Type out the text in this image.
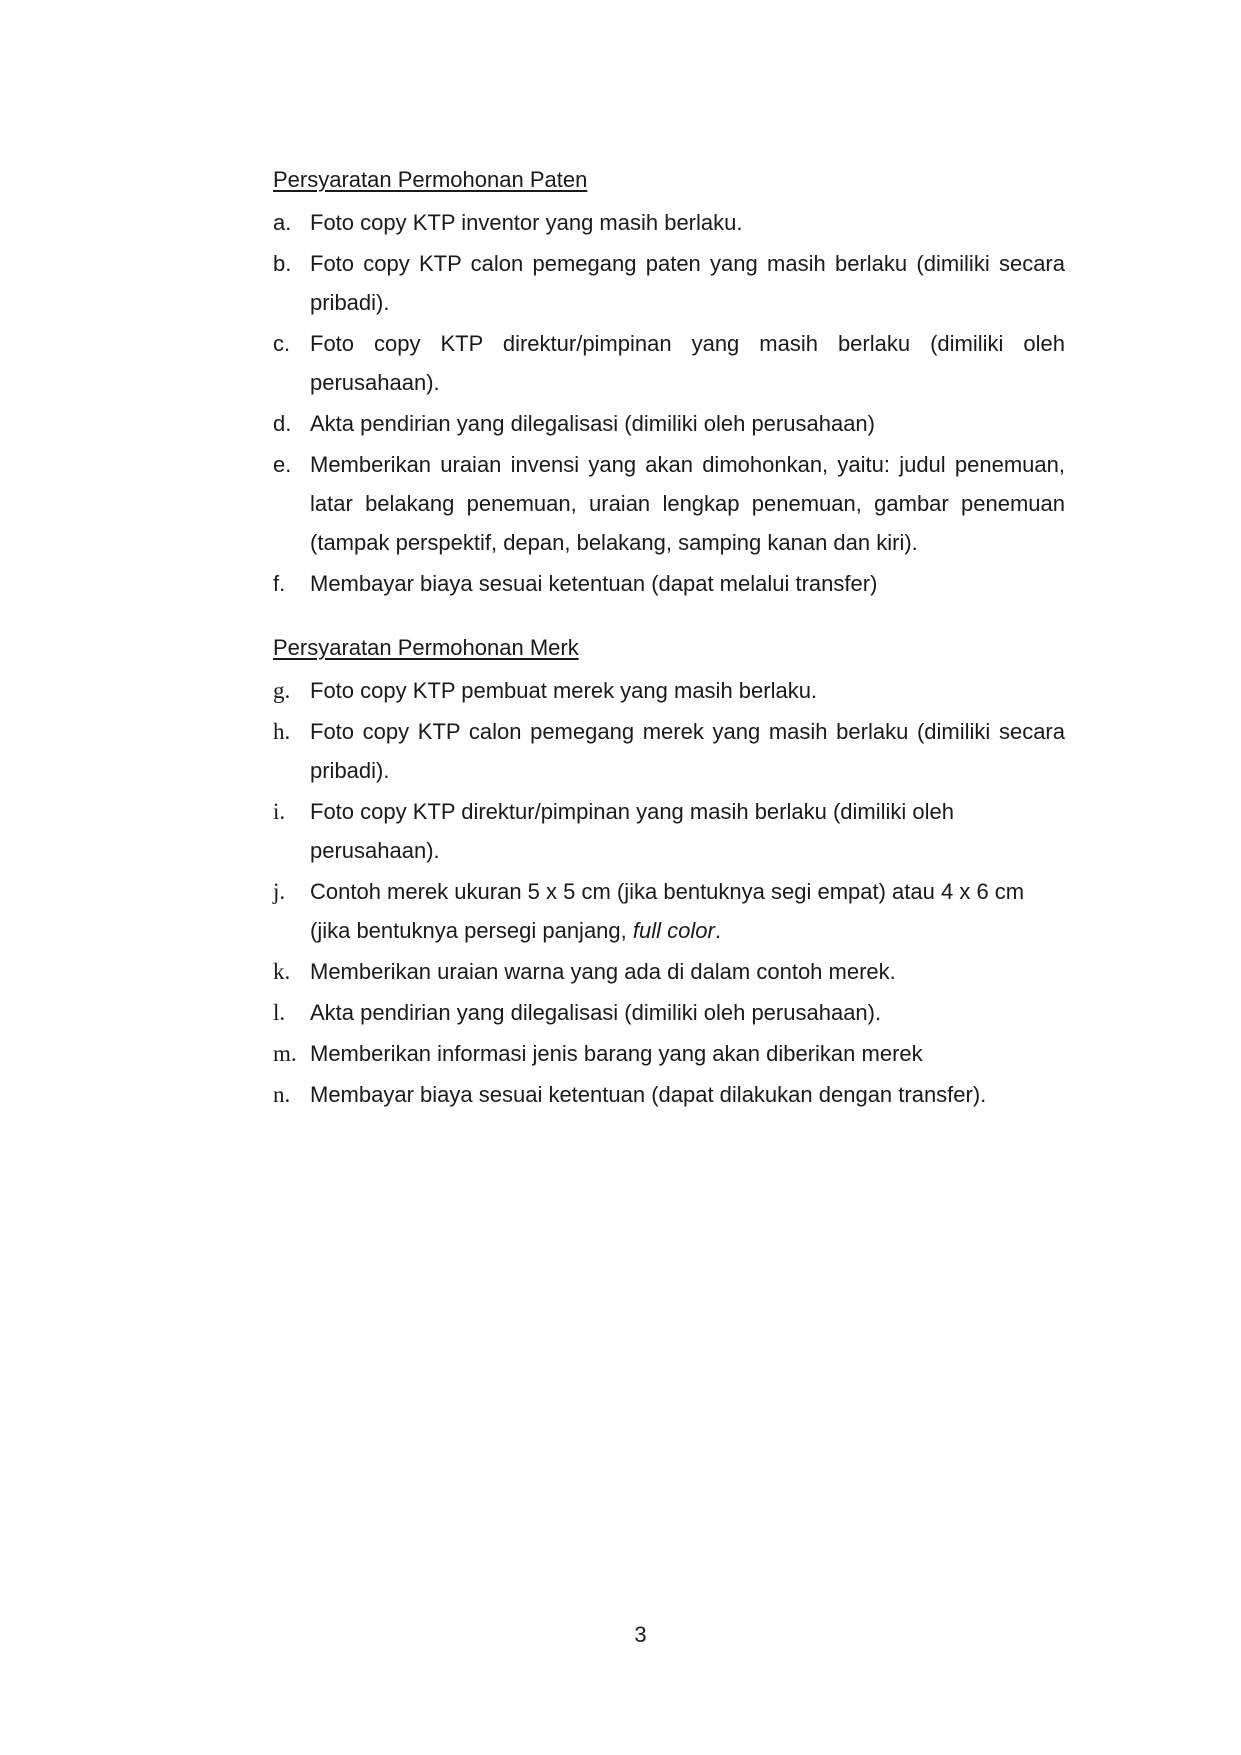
Persyaratan Permohonan Paten
a. Foto copy KTP inventor yang masih berlaku.
b. Foto copy KTP calon pemegang paten yang masih berlaku (dimiliki secara pribadi).
c. Foto copy KTP direktur/pimpinan yang masih berlaku (dimiliki oleh perusahaan).
d. Akta pendirian yang dilegalisasi (dimiliki oleh perusahaan)
e. Memberikan uraian invensi yang akan dimohonkan, yaitu: judul penemuan, latar belakang penemuan, uraian lengkap penemuan, gambar penemuan (tampak perspektif, depan, belakang, samping kanan dan kiri).
f.	Membayar biaya sesuai ketentuan (dapat melalui transfer)
Persyaratan Permohonan Merk
g. Foto copy KTP pembuat merek yang masih berlaku.
h. Foto copy KTP calon pemegang merek yang masih berlaku (dimiliki secara pribadi).
i.	Foto copy KTP direktur/pimpinan yang masih berlaku (dimiliki oleh perusahaan).
j.	Contoh merek ukuran 5 x 5 cm (jika bentuknya segi empat) atau 4 x 6 cm (jika bentuknya persegi panjang, full color.
k. Memberikan uraian warna yang ada di dalam contoh merek.
l.	Akta pendirian yang dilegalisasi (dimiliki oleh perusahaan).
m. Memberikan informasi jenis barang yang akan diberikan merek
n. Membayar biaya sesuai ketentuan (dapat dilakukan dengan transfer).
3
